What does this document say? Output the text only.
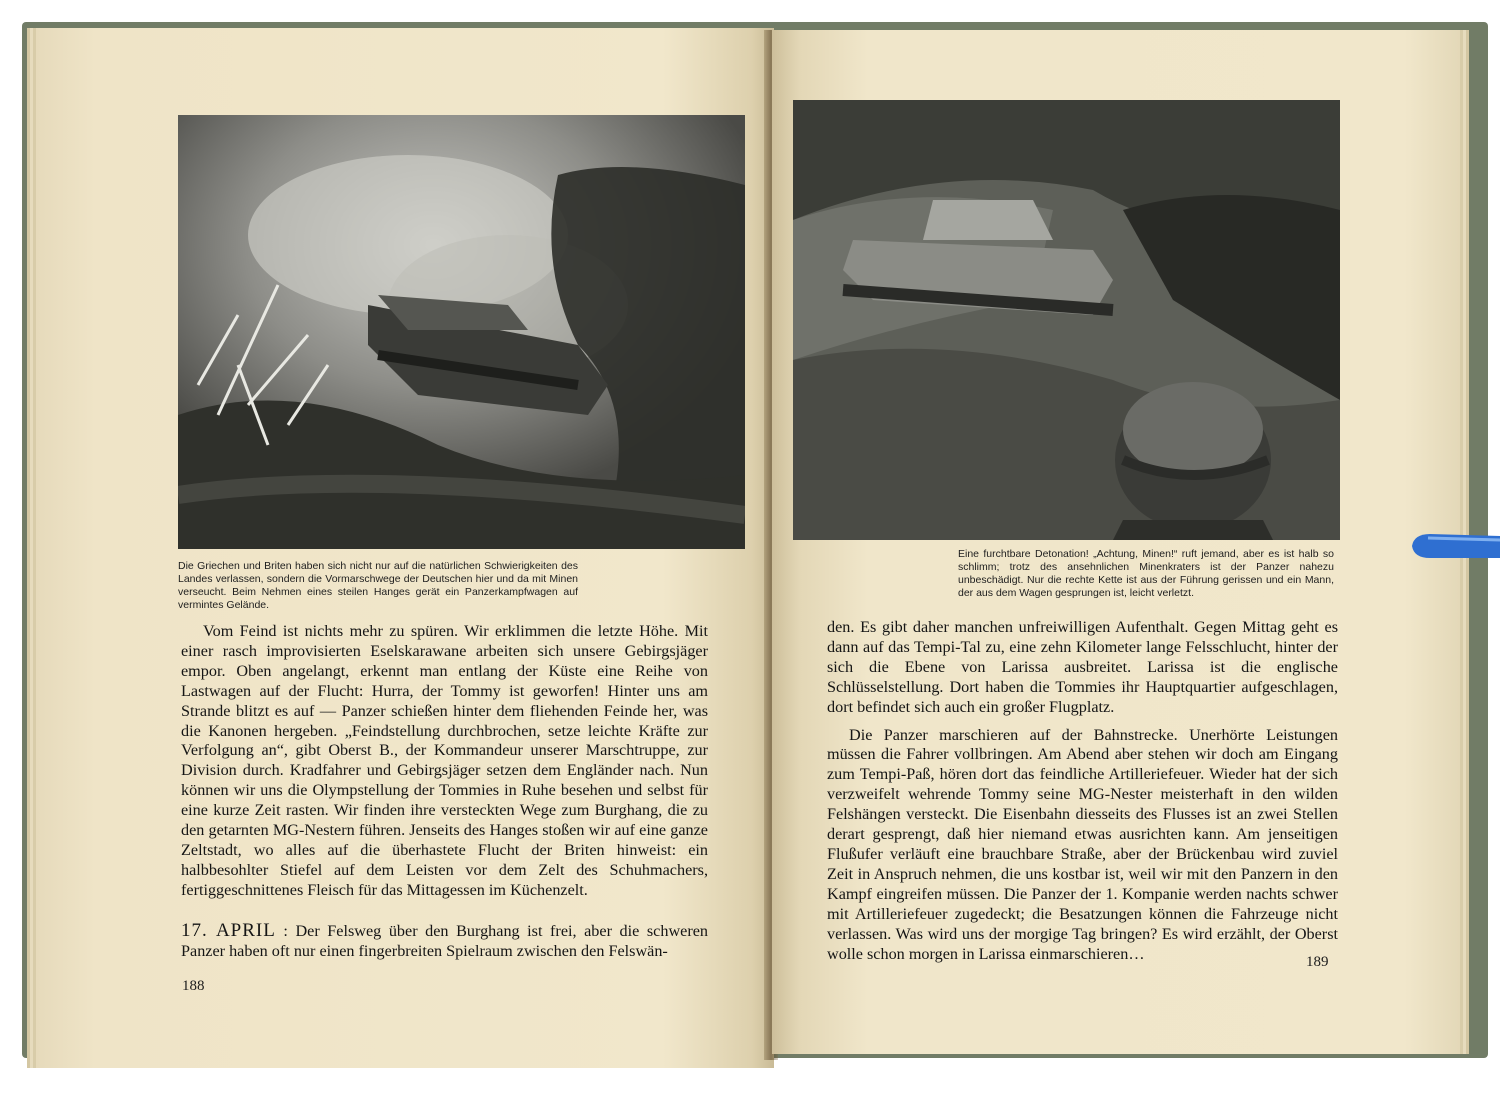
Die Griechen und Briten haben sich nicht nur auf die natürlichen Schwierigkeiten des Landes verlassen, sondern die Vormarschwege der Deutschen hier und da mit Minen verseucht. Beim Nehmen eines steilen Hanges gerät ein Panzerkampfwagen auf vermintes Gelände.

Vom Feind ist nichts mehr zu spüren. Wir erklimmen die letzte Höhe. Mit einer rasch improvisierten Eselskarawane arbeiten sich unsere Gebirgsjäger empor. Oben angelangt, erkennt man entlang der Küste eine Reihe von Lastwagen auf der Flucht: Hurra, der Tommy ist geworfen! Hinter uns am Strande blitzt es auf — Panzer schießen hinter dem fliehenden Feinde her, was die Kanonen hergeben. „Feindstellung durchbrochen, setze leichte Kräfte zur Verfolgung an“, gibt Oberst B., der Kommandeur unserer Marschtruppe, zur Division durch. Kradfahrer und Gebirgsjäger setzen dem Engländer nach. Nun können wir uns die Olympstellung der Tommies in Ruhe besehen und selbst für eine kurze Zeit rasten. Wir finden ihre versteckten Wege zum Burghang, die zu den getarnten MG-Nestern führen. Jenseits des Hanges stoßen wir auf eine ganze Zeltstadt, wo alles auf die überhastete Flucht der Briten hinweist: ein halbbesohlter Stiefel auf dem Leisten vor dem Zelt des Schuhmachers, fertiggeschnittenes Fleisch für das Mittagessen im Küchenzelt.

17. APRIL : Der Felsweg über den Burghang ist frei, aber die schweren Panzer haben oft nur einen fingerbreiten Spielraum zwischen den Felswän-

188
Eine furchtbare Detonation! „Achtung, Minen!“ ruft jemand, aber es ist halb so schlimm; trotz des ansehnlichen Minenkraters ist der Panzer nahezu unbeschädigt. Nur die rechte Kette ist aus der Führung gerissen und ein Mann, der aus dem Wagen gesprungen ist, leicht verletzt.

den. Es gibt daher manchen unfreiwilligen Aufenthalt. Gegen Mittag geht es dann auf das Tempi-Tal zu, eine zehn Kilometer lange Felsschlucht, hinter der sich die Ebene von Larissa ausbreitet. Larissa ist die englische Schlüsselstellung. Dort haben die Tommies ihr Hauptquartier aufgeschlagen, dort befindet sich auch ein großer Flugplatz.

Die Panzer marschieren auf der Bahnstrecke. Unerhörte Leistungen müssen die Fahrer vollbringen. Am Abend aber stehen wir doch am Eingang zum Tempi-Paß, hören dort das feindliche Artilleriefeuer. Wieder hat der sich verzweifelt wehrende Tommy seine MG-Nester meisterhaft in den wilden Felshängen versteckt. Die Eisenbahn diesseits des Flusses ist an zwei Stellen derart gesprengt, daß hier niemand etwas ausrichten kann. Am jenseitigen Flußufer verläuft eine brauchbare Straße, aber der Brückenbau wird zuviel Zeit in Anspruch nehmen, die uns kostbar ist, weil wir mit den Panzern in den Kampf eingreifen müssen. Die Panzer der 1. Kompanie werden nachts schwer mit Artilleriefeuer zugedeckt; die Besatzungen können die Fahrzeuge nicht verlassen. Was wird uns der morgige Tag bringen? Es wird erzählt, der Oberst wolle schon morgen in Larissa einmarschieren…	189
